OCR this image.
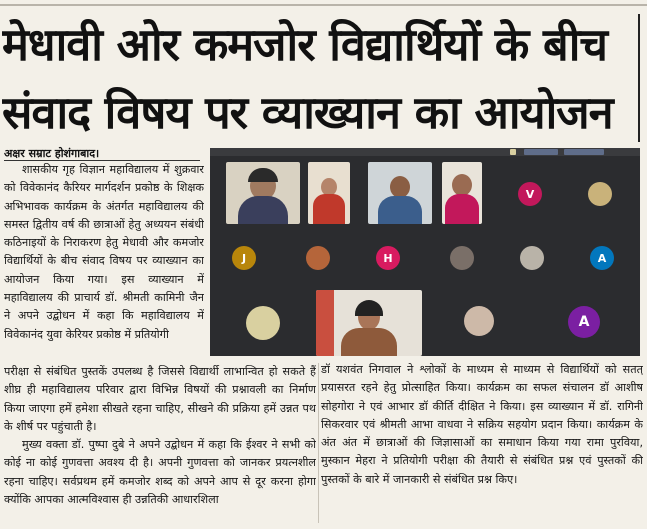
मेधावी ओर कमजोर विद्यार्थियों के बीच
संवाद विषय पर व्याख्यान का आयोजन
अक्षर सम्राट होशंगाबाद।

शासकीय गृह विज्ञान महाविद्यालय में शुक्रवार को विवेकानंद कैरियर मार्गदर्शन प्रकोष्ठ के शिक्षक अभिभावक कार्यक्रम के अंतर्गत महाविद्यालय की समस्त द्वितीय वर्ष की छात्राओं हेतु अध्ययन संबंधी कठिनाइयों के निराकरण हेतु मेधावी और कमजोर विद्यार्थियों के बीच संवाद विषय पर व्याख्यान का आयोजन किया गया। इस व्याख्यान में महाविद्यालय की प्राचार्य डॉ. श्रीमती कामिनी जैन ने अपने उद्बोधन में कहा कि महाविद्यालय में विवेकानंद युवा केरियर प्रकोष्ठ में प्रतियोगी

V
J	H	A
A

परीक्षा से संबंधित पुस्तकें उपलब्ध है जिससे विद्यार्थी लाभान्वित हो सकते हैं शीघ्र ही महाविद्यालय परिवार द्वारा विभिन्न विषयों की प्रश्नावली का निर्माण किया जाएगा हमें हमेशा सीखते रहना चाहिए, सीखने की प्रक्रिया हमें उन्नत पथ के शीर्ष पर पहुंचाती है।

मुख्य वक्ता डॉ. पुष्पा दुबे ने अपने उद्बोधन में कहा कि ईश्वर ने सभी को कोई ना कोई गुणवत्ता अवश्य दी है। अपनी गुणवत्ता को जानकर प्रयत्नशील रहना चाहिए। सर्वप्रथम हमें कमजोर शब्द को अपने आप से दूर करना होगा क्योंकि आपका आत्मविश्वास ही उन्नतिकी आधारशिला

डॉ यशवंत निगवाल ने श्लोकों के माध्यम से माध्यम से विद्यार्थियों को सतत् प्रयासरत रहने हेतु प्रोत्साहित किया। कार्यक्रम का सफल संचालन डॉ आशीष सोहगोरा ने एवं आभार डॉ कीर्ति दीक्षित ने किया। इस व्याख्यान में डॉ. रागिनी सिकरवार एवं श्रीमती आभा वाधवा ने सक्रिय सहयोग प्रदान किया। कार्यक्रम के अंत अंत में छात्राओं की जिज्ञासाओं का समाधान किया गया रामा पुरविया, मुस्कान मेहरा ने प्रतियोगी परीक्षा की तैयारी से संबंधित प्रश्न एवं पुस्तकों की पुस्तकों के बारे में जानकारी से संबंधित प्रश्न किए।
